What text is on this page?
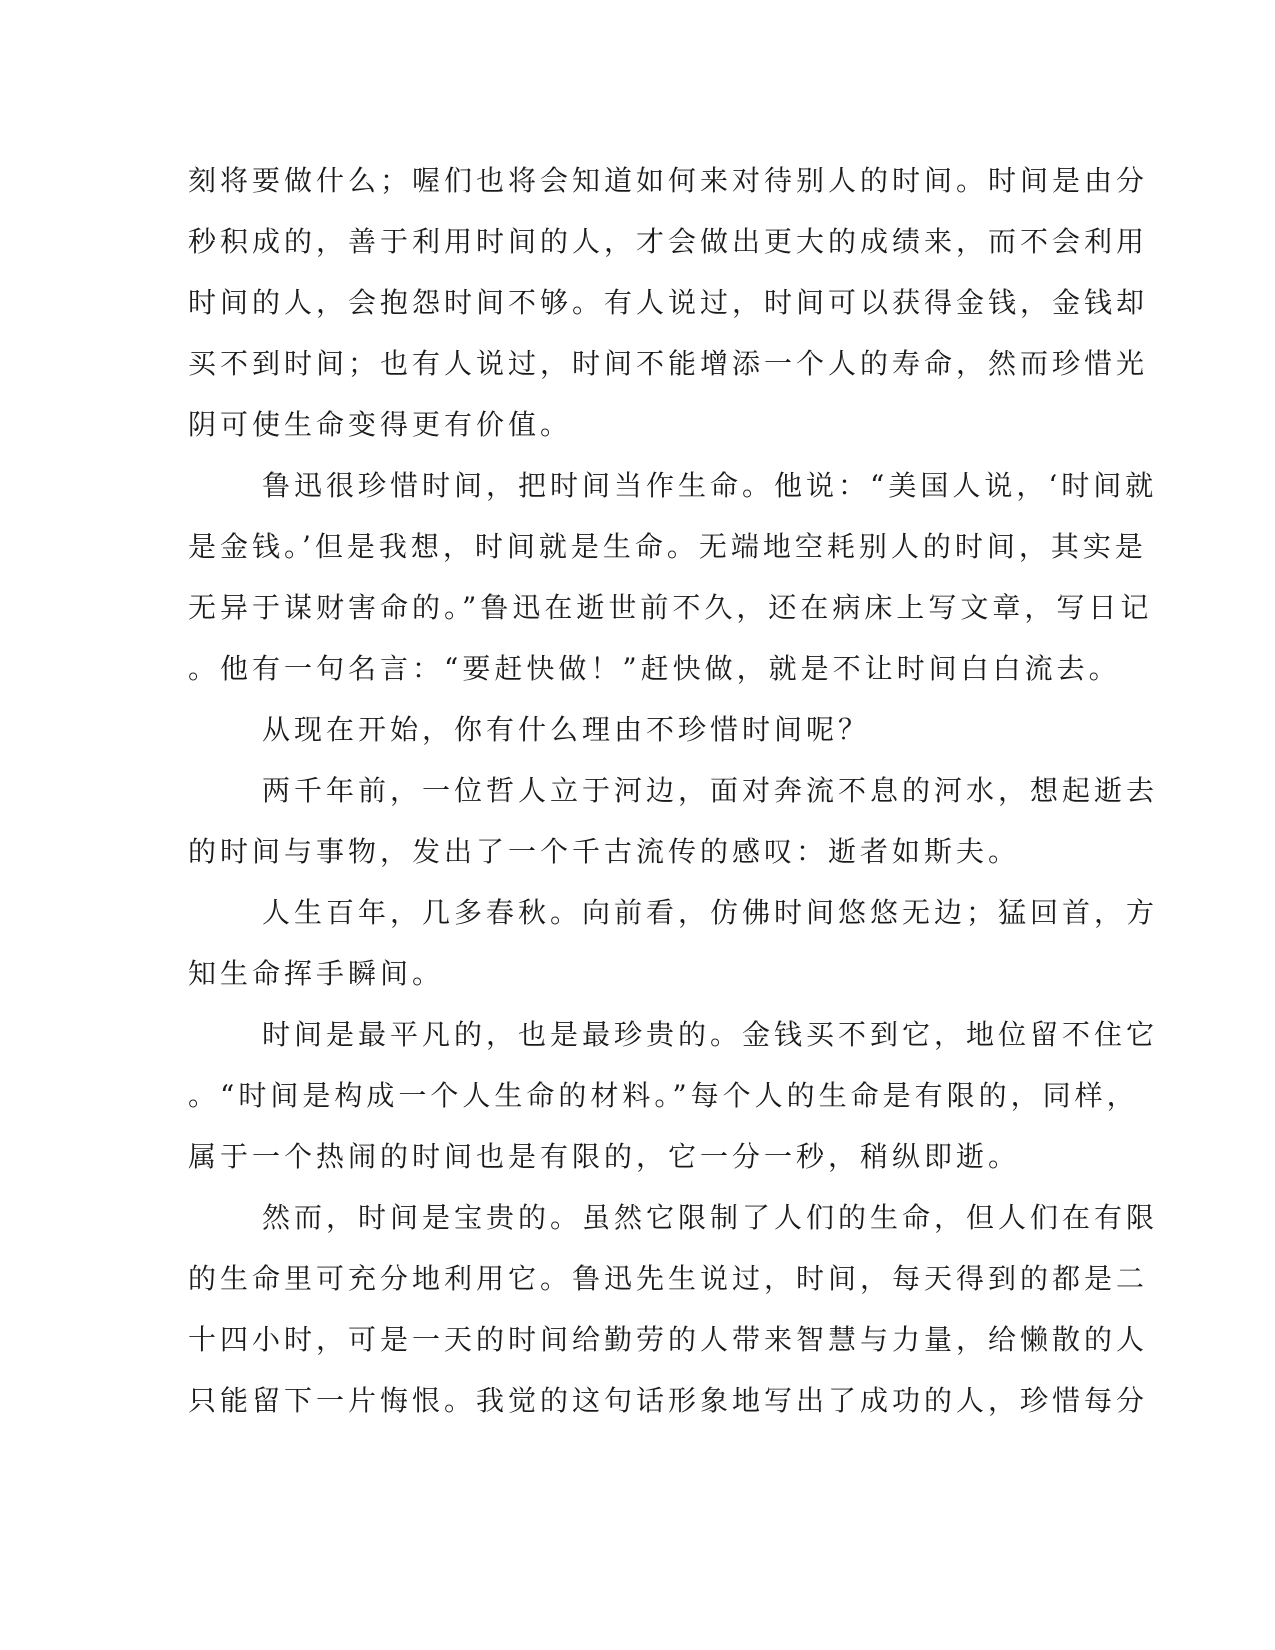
刻将要做什么；喔们也将会知道如何来对待别人的时间。时间是由分
秒积成的，善于利用时间的人，才会做出更大的成绩来，而不会利用
时间的人，会抱怨时间不够。有人说过，时间可以获得金钱，金钱却
买不到时间；也有人说过，时间不能增添一个人的寿命，然而珍惜光
阴可使生命变得更有价值。
鲁迅很珍惜时间，把时间当作生命。他说：“美国人说，‘时间就
是金钱。’但是我想，时间就是生命。无端地空耗别人的时间，其实是
无异于谋财害命的。”鲁迅在逝世前不久，还在病床上写文章，写日记
。他有一句名言：“要赶快做！”赶快做，就是不让时间白白流去。
从现在开始，你有什么理由不珍惜时间呢？
两千年前，一位哲人立于河边，面对奔流不息的河水，想起逝去
的时间与事物，发出了一个千古流传的感叹：逝者如斯夫。
人生百年，几多春秋。向前看，仿佛时间悠悠无边；猛回首，方
知生命挥手瞬间。
时间是最平凡的，也是最珍贵的。金钱买不到它，地位留不住它
。“时间是构成一个人生命的材料。”每个人的生命是有限的，同样，
属于一个热闹的时间也是有限的，它一分一秒，稍纵即逝。
然而，时间是宝贵的。虽然它限制了人们的生命，但人们在有限
的生命里可充分地利用它。鲁迅先生说过，时间，每天得到的都是二
十四小时，可是一天的时间给勤劳的人带来智慧与力量，给懒散的人
只能留下一片悔恨。我觉的这句话形象地写出了成功的人，珍惜每分
